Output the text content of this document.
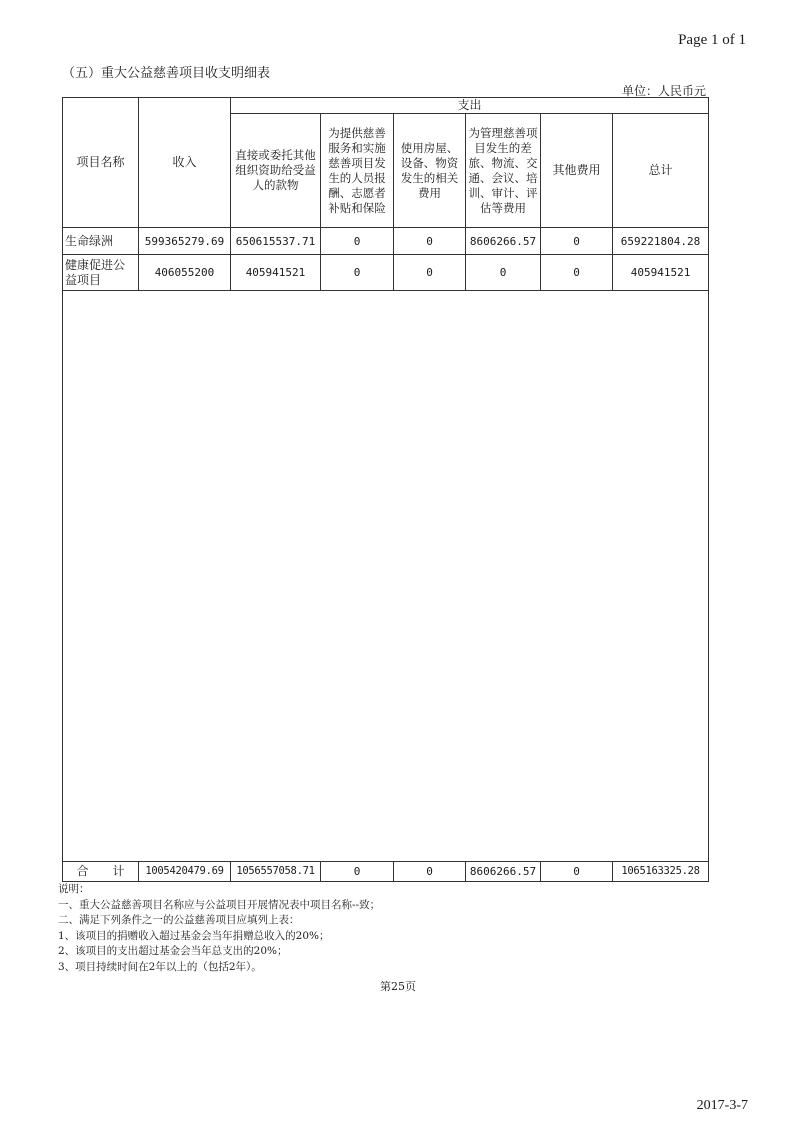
Page 1 of 1
（五）重大公益慈善项目收支明细表
单位：人民币元
项目名称	收入	支出					
		直接或委托其他组织资助给受益人的款物	为提供慈善服务和实施慈善项目发生的人员报酬、志愿者补贴和保险	使用房屋、设备、物资发生的相关费用	为管理慈善项目发生的差旅、物流、交通、会议、培训、审计、评估等费用	其他费用	总计
生命绿洲	599365279.69	650615537.71	0	0	8606266.57	0	659221804.28
健康促进公益项目	406055200	405941521	0	0	0	0	405941521

合　　计	1005420479.69	1056557058.71	0	0	8606266.57	0	1065163325.28
说明：
一、重大公益慈善项目名称应与公益项目开展情况表中项目名称--致；
二、满足下列条件之一的公益慈善项目应填列上表：
1、该项目的捐赠收入超过基金会当年捐赠总收入的20%；
2、该项目的支出超过基金会当年总支出的20%；
3、项目持续时间在2年以上的（包括2年）。
第25页
2017-3-7
